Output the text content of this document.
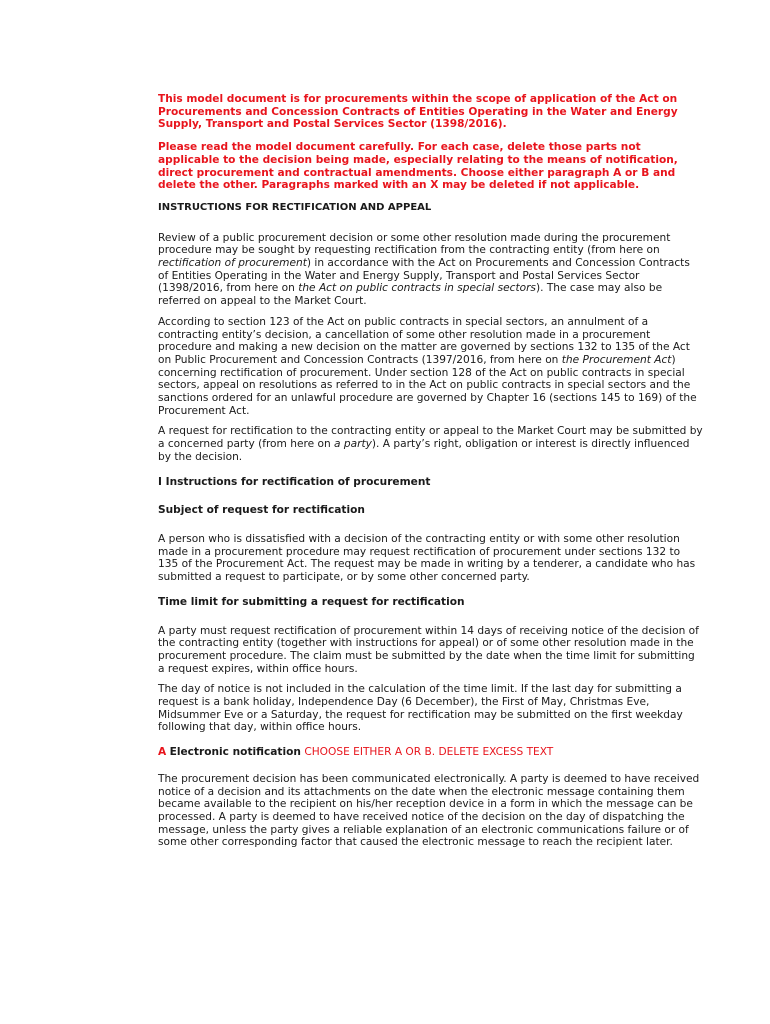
This model document is for procurements within the scope of application of the Act on Procurements and Concession Contracts of Entities Operating in the Water and Energy Supply, Transport and Postal Services Sector (1398/2016).

Please read the model document carefully. For each case, delete those parts not applicable to the decision being made, especially relating to the means of notification, direct procurement and contractual amendments. Choose either paragraph A or B and delete the other. Paragraphs marked with an X may be deleted if not applicable.

INSTRUCTIONS FOR RECTIFICATION AND APPEAL

Review of a public procurement decision or some other resolution made during the procurement procedure may be sought by requesting rectification from the contracting entity (from here on rectification of procurement) in accordance with the Act on Procurements and Concession Contracts of Entities Operating in the Water and Energy Supply, Transport and Postal Services Sector (1398/2016, from here on the Act on public contracts in special sectors). The case may also be referred on appeal to the Market Court.

According to section 123 of the Act on public contracts in special sectors, an annulment of a contracting entity’s decision, a cancellation of some other resolution made in a procurement procedure and making a new decision on the matter are governed by sections 132 to 135 of the Act on Public Procurement and Concession Contracts (1397/2016, from here on the Procurement Act) concerning rectification of procurement. Under section 128 of the Act on public contracts in special sectors, appeal on resolutions as referred to in the Act on public contracts in special sectors and the sanctions ordered for an unlawful procedure are governed by Chapter 16 (sections 145 to 169) of the Procurement Act.

A request for rectification to the contracting entity or appeal to the Market Court may be submitted by a concerned party (from here on a party). A party’s right, obligation or interest is directly influenced by the decision.

I Instructions for rectification of procurement

Subject of request for rectification

A person who is dissatisfied with a decision of the contracting entity or with some other resolution made in a procurement procedure may request rectification of procurement under sections 132 to 135 of the Procurement Act. The request may be made in writing by a tenderer, a candidate who has submitted a request to participate, or by some other concerned party.

Time limit for submitting a request for rectification

A party must request rectification of procurement within 14 days of receiving notice of the decision of the contracting entity (together with instructions for appeal) or of some other resolution made in the procurement procedure. The claim must be submitted by the date when the time limit for submitting a request expires, within office hours.

The day of notice is not included in the calculation of the time limit. If the last day for submitting a request is a bank holiday, Independence Day (6 December), the First of May, Christmas Eve, Midsummer Eve or a Saturday, the request for rectification may be submitted on the first weekday following that day, within office hours.

A Electronic notification CHOOSE EITHER A OR B. DELETE EXCESS TEXT

The procurement decision has been communicated electronically. A party is deemed to have received notice of a decision and its attachments on the date when the electronic message containing them became available to the recipient on his/her reception device in a form in which the message can be processed. A party is deemed to have received notice of the decision on the day of dispatching the message, unless the party gives a reliable explanation of an electronic communications failure or of some other corresponding factor that caused the electronic message to reach the recipient later.
